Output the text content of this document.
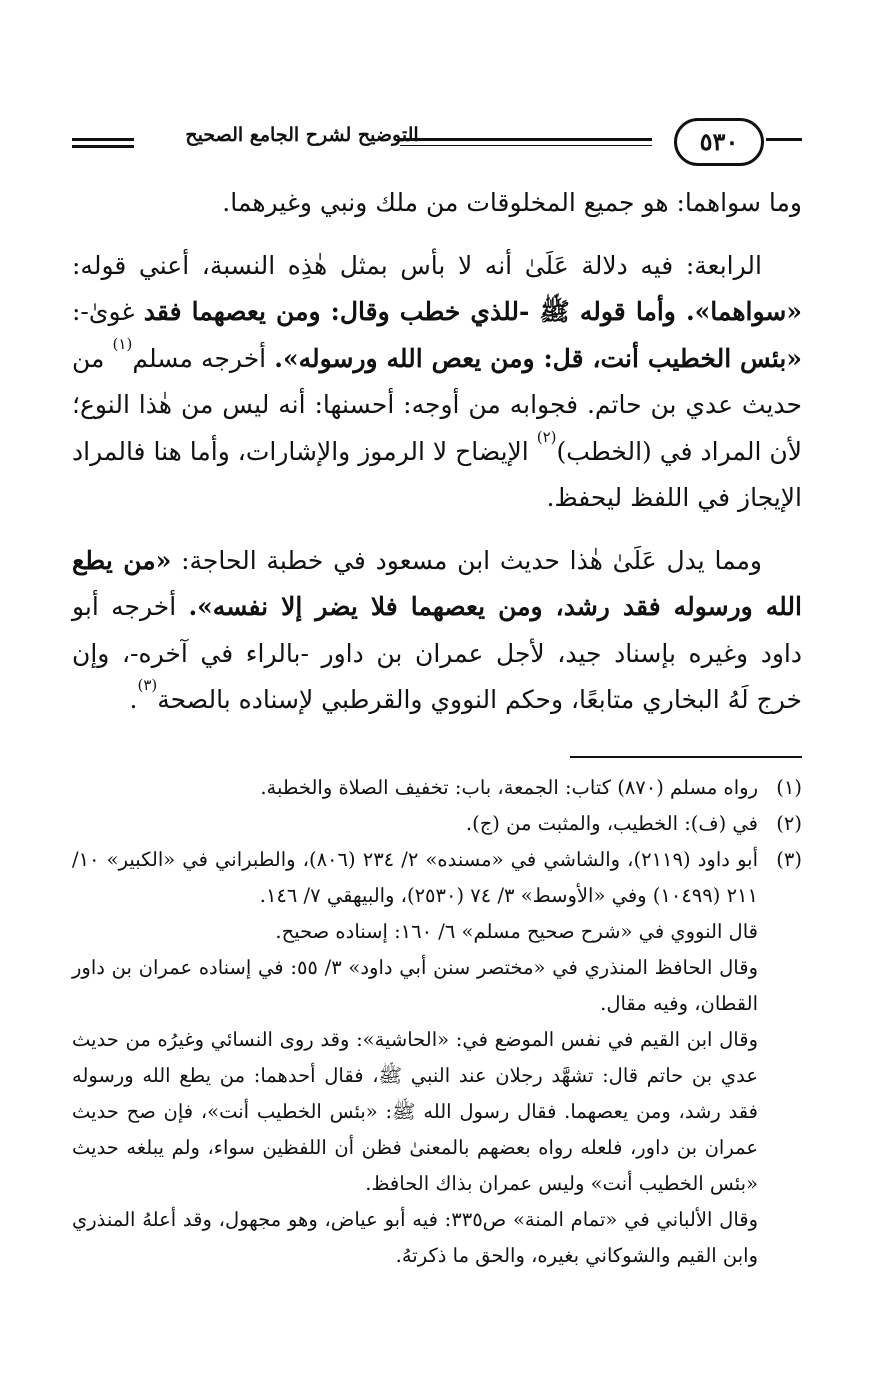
التوضيح لشرح الجامع الصحيح	٥٣٠

وما سواهما: هو جميع المخلوقات من ملك ونبي وغيرهما.

الرابعة: فيه دلالة عَلَىٰ أنه لا بأس بمثل هٰذِه النسبة، أعني قوله: «سواهما». وأما قوله ﷺ -للذي خطب وقال: ومن يعصهما فقد غوىٰ-: «بئس الخطيب أنت، قل: ومن يعص الله ورسوله». أخرجه مسلم$^{(١)}$ من حديث عدي بن حاتم. فجوابه من أوجه: أحسنها: أنه ليس من هٰذا النوع؛ لأن المراد في (الخطب)$^{(٢)}$ الإيضاح لا الرموز والإشارات، وأما هنا فالمراد الإيجاز في اللفظ ليحفظ.

ومما يدل عَلَىٰ هٰذا حديث ابن مسعود في خطبة الحاجة: «من يطع الله ورسوله فقد رشد، ومن يعصهما فلا يضر إلا نفسه». أخرجه أبو داود وغيره بإسناد جيد، لأجل عمران بن داور -بالراء في آخره-، وإن خرج لَهُ البخاري متابعًا، وحكم النووي والقرطبي لإسناده بالصحة$^{(٣)}$.

(١)
رواه مسلم (٨٧٠) كتاب: الجمعة، باب: تخفيف الصلاة والخطبة.
(٢)
في (ف): الخطيب، والمثبت من (ج).
(٣)
أبو داود (٢١١٩)، والشاشي في «مسنده» ٢/ ٢٣٤ (٨٠٦)، والطبراني في «الكبير» ١٠/ ٢١١ (١٠٤٩٩) وفي «الأوسط» ٣/ ٧٤ (٢٥٣٠)، والبيهقي ٧/ ١٤٦.
قال النووي في «شرح صحيح مسلم» ٦/ ١٦٠: إسناده صحيح.
وقال الحافظ المنذري في «مختصر سنن أبي داود» ٣/ ٥٥: في إسناده عمران بن داور القطان، وفيه مقال.
وقال ابن القيم في نفس الموضع في: «الحاشية»: وقد روى النسائي وغيرُه من حديث عدي بن حاتم قال: تشهَّد رجلان عند النبي ﷺ، فقال أحدهما: من يطع الله ورسوله فقد رشد، ومن يعصهما. فقال رسول الله ﷺ: «بئس الخطيب أنت»، فإن صح حديث عمران بن داور، فلعله رواه بعضهم بالمعنىٰ فظن أن اللفظين سواء، ولم يبلغه حديث «بئس الخطيب أنت» وليس عمران بذاك الحافظ.
وقال الألباني في «تمام المنة» ص٣٣٥: فيه أبو عياض، وهو مجهول، وقد أعلهُ المنذري وابن القيم والشوكاني بغيره، والحق ما ذكرتهُ.
